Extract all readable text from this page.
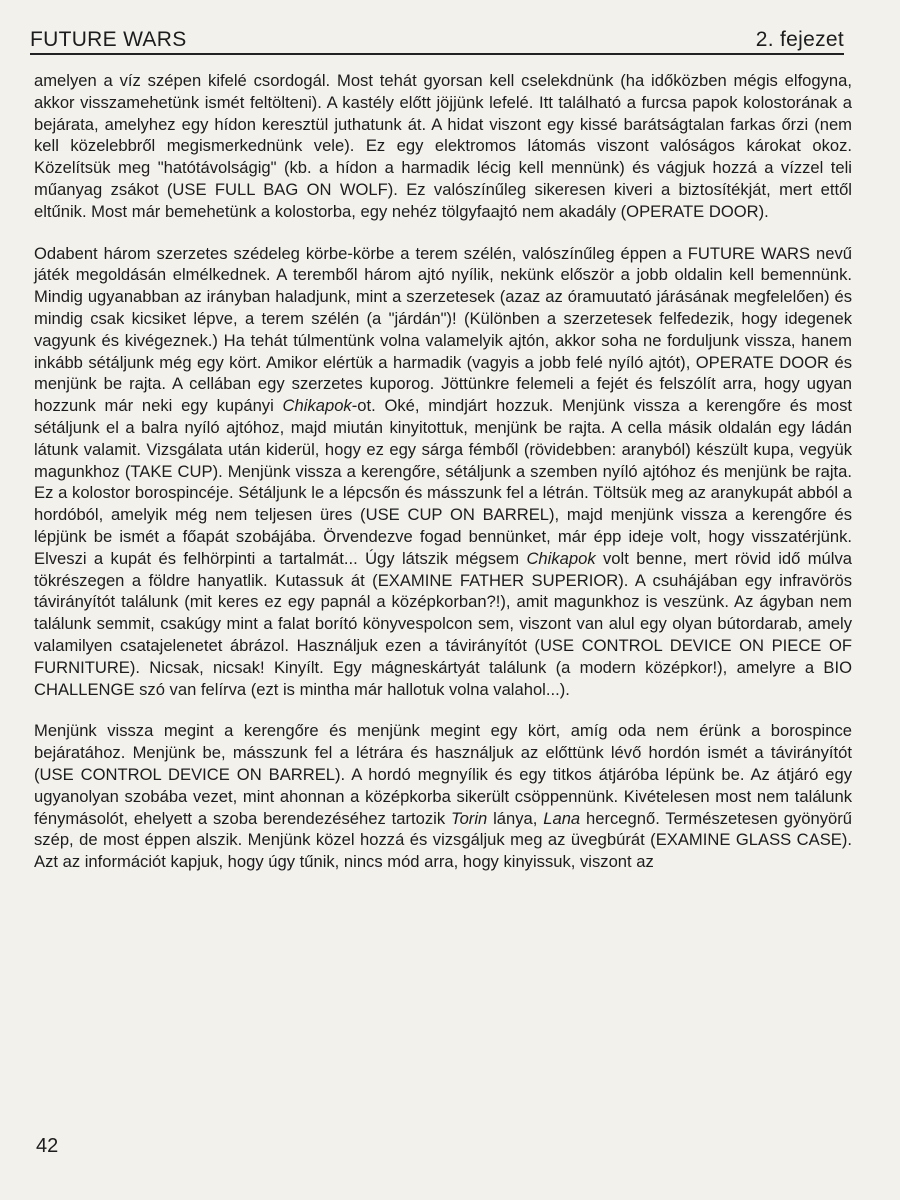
FUTURE WARS	2. fejezet

amelyen a víz szépen kifelé csordogál. Most tehát gyorsan kell cselekdnünk (ha időközben mégis elfogyna, akkor visszamehetünk ismét feltölteni). A kastély előtt jöjjünk lefelé. Itt található a furcsa papok kolostorának a bejárata, amelyhez egy hídon keresztül juthatunk át. A hidat viszont egy kissé barátságtalan farkas őrzi (nem kell közelebbről megismerkednünk vele). Ez egy elektromos látomás viszont valóságos károkat okoz. Közelítsük meg "hatótávolságig" (kb. a hídon a harmadik lécig kell mennünk) és vágjuk hozzá a vízzel teli műanyag zsákot (USE FULL BAG ON WOLF). Ez valószínűleg sikeresen kiveri a biztosítékját, mert ettől eltűnik. Most már bemehetünk a kolostorba, egy nehéz tölgyfaajtó nem akadály (OPERATE DOOR).

Odabent három szerzetes szédeleg körbe-körbe a terem szélén, valószínűleg éppen a FUTURE WARS nevű játék megoldásán elmélkednek. A teremből három ajtó nyílik, nekünk először a jobb oldalin kell bemennünk. Mindig ugyanabban az irányban haladjunk, mint a szerzetesek (azaz az óramuutató járásának megfelelően) és mindig csak kicsiket lépve, a terem szélén (a "járdán")! (Különben a szerzetesek felfedezik, hogy idegenek vagyunk és kivégeznek.) Ha tehát túlmentünk volna valamelyik ajtón, akkor soha ne forduljunk vissza, hanem inkább sétáljunk még egy kört. Amikor elértük a harmadik (vagyis a jobb felé nyíló ajtót), OPERATE DOOR és menjünk be rajta. A cellában egy szerzetes kuporog. Jöttünkre felemeli a fejét és felszólít arra, hogy ugyan hozzunk már neki egy kupányi Chikapok-ot. Oké, mindjárt hozzuk. Menjünk vissza a kerengőre és most sétáljunk el a balra nyíló ajtóhoz, majd miután kinyitottuk, menjünk be rajta. A cella másik oldalán egy ládán látunk valamit. Vizsgálata után kiderül, hogy ez egy sárga fémből (rövidebben: aranyból) készült kupa, vegyük magunkhoz (TAKE CUP). Menjünk vissza a kerengőre, sétáljunk a szemben nyíló ajtóhoz és menjünk be rajta. Ez a kolostor borospincéje. Sétáljunk le a lépcsőn és másszunk fel a létrán. Töltsük meg az aranykupát abból a hordóból, amelyik még nem teljesen üres (USE CUP ON BARREL), majd menjünk vissza a kerengőre és lépjünk be ismét a főapát szobájába. Örvendezve fogad bennünket, már épp ideje volt, hogy visszatérjünk. Elveszi a kupát és felhörpinti a tartalmát... Úgy látszik mégsem Chikapok volt benne, mert rövid idő múlva tökrészegen a földre hanyatlik. Kutassuk át (EXAMINE FATHER SUPERIOR). A csuhájában egy infravörös távirányítót találunk (mit keres ez egy papnál a középkorban?!), amit magunkhoz is veszünk. Az ágyban nem találunk semmit, csakúgy mint a falat borító könyvespolcon sem, viszont van alul egy olyan bútordarab, amely valamilyen csatajelenetet ábrázol. Használjuk ezen a távirányítót (USE CONTROL DEVICE ON PIECE OF FURNITURE). Nicsak, nicsak! Kinyílt. Egy mágneskártyát találunk (a modern középkor!), amelyre a BIO CHALLENGE szó van felírva (ezt is mintha már hallotuk volna valahol...).

Menjünk vissza megint a kerengőre és menjünk megint egy kört, amíg oda nem érünk a borospince bejáratához. Menjünk be, másszunk fel a létrára és használjuk az előttünk lévő hordón ismét a távirányítót (USE CONTROL DEVICE ON BARREL). A hordó megnyílik és egy titkos átjáróba lépünk be. Az átjáró egy ugyanolyan szobába vezet, mint ahonnan a középkorba sikerült csöppennünk. Kivételesen most nem találunk fénymásolót, ehelyett a szoba berendezéséhez tartozik Torin lánya, Lana hercegnő. Természetesen gyönyörű szép, de most éppen alszik. Menjünk közel hozzá és vizsgáljuk meg az üvegbúrát (EXAMINE GLASS CASE). Azt az információt kapjuk, hogy úgy tűnik, nincs mód arra, hogy kinyissuk, viszont az

42
